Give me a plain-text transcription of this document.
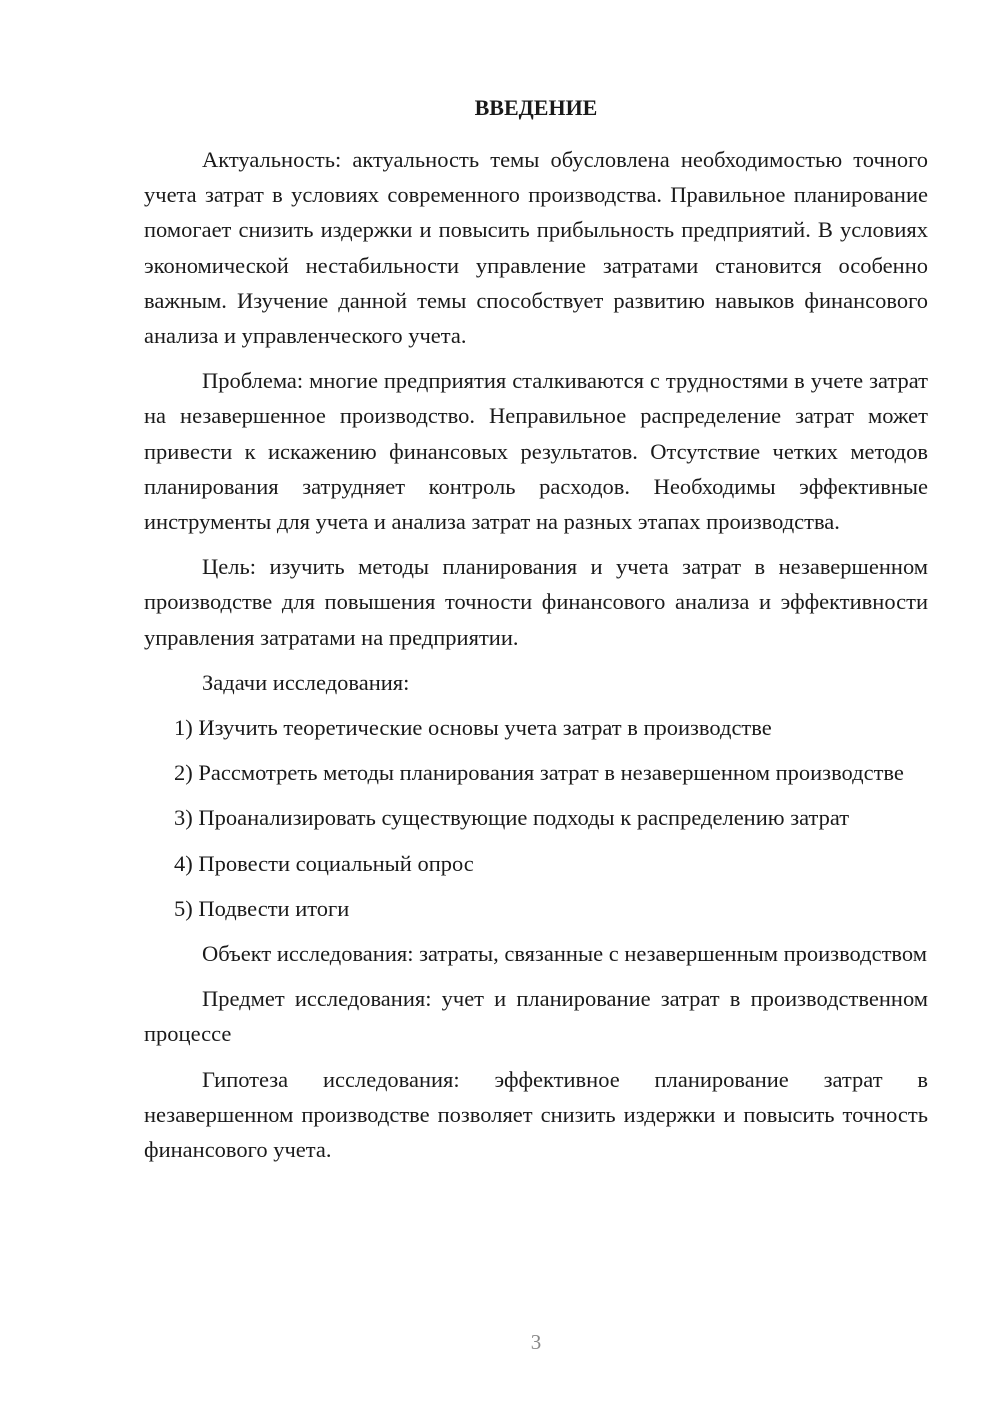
ВВЕДЕНИЕ

Актуальность: актуальность темы обусловлена необходимостью точного учета затрат в условиях современного производства. Правильное планирование помогает снизить издержки и повысить прибыльность предприятий. В условиях экономической нестабильности управление затратами становится особенно важным. Изучение данной темы способствует развитию навыков финансового анализа и управленческого учета.

Проблема: многие предприятия сталкиваются с трудностями в учете затрат на незавершенное производство. Неправильное распределение затрат может привести к искажению финансовых результатов. Отсутствие четких методов планирования затрудняет контроль расходов. Необходимы эффективные инструменты для учета и анализа затрат на разных этапах производства.

Цель: изучить методы планирования и учета затрат в незавершенном производстве для повышения точности финансового анализа и эффективности управления затратами на предприятии.

Задачи исследования:

1) Изучить теоретические основы учета затрат в производстве

2) Рассмотреть методы планирования затрат в незавершенном производстве

3) Проанализировать существующие подходы к распределению затрат

4) Провести социальный опрос

5) Подвести итоги

Объект исследования: затраты, связанные с незавершенным производством

Предмет исследования: учет и планирование затрат в производственном процессе

Гипотеза исследования: эффективное планирование затрат в незавершенном производстве позволяет снизить издержки и повысить точность финансового учета.

3
